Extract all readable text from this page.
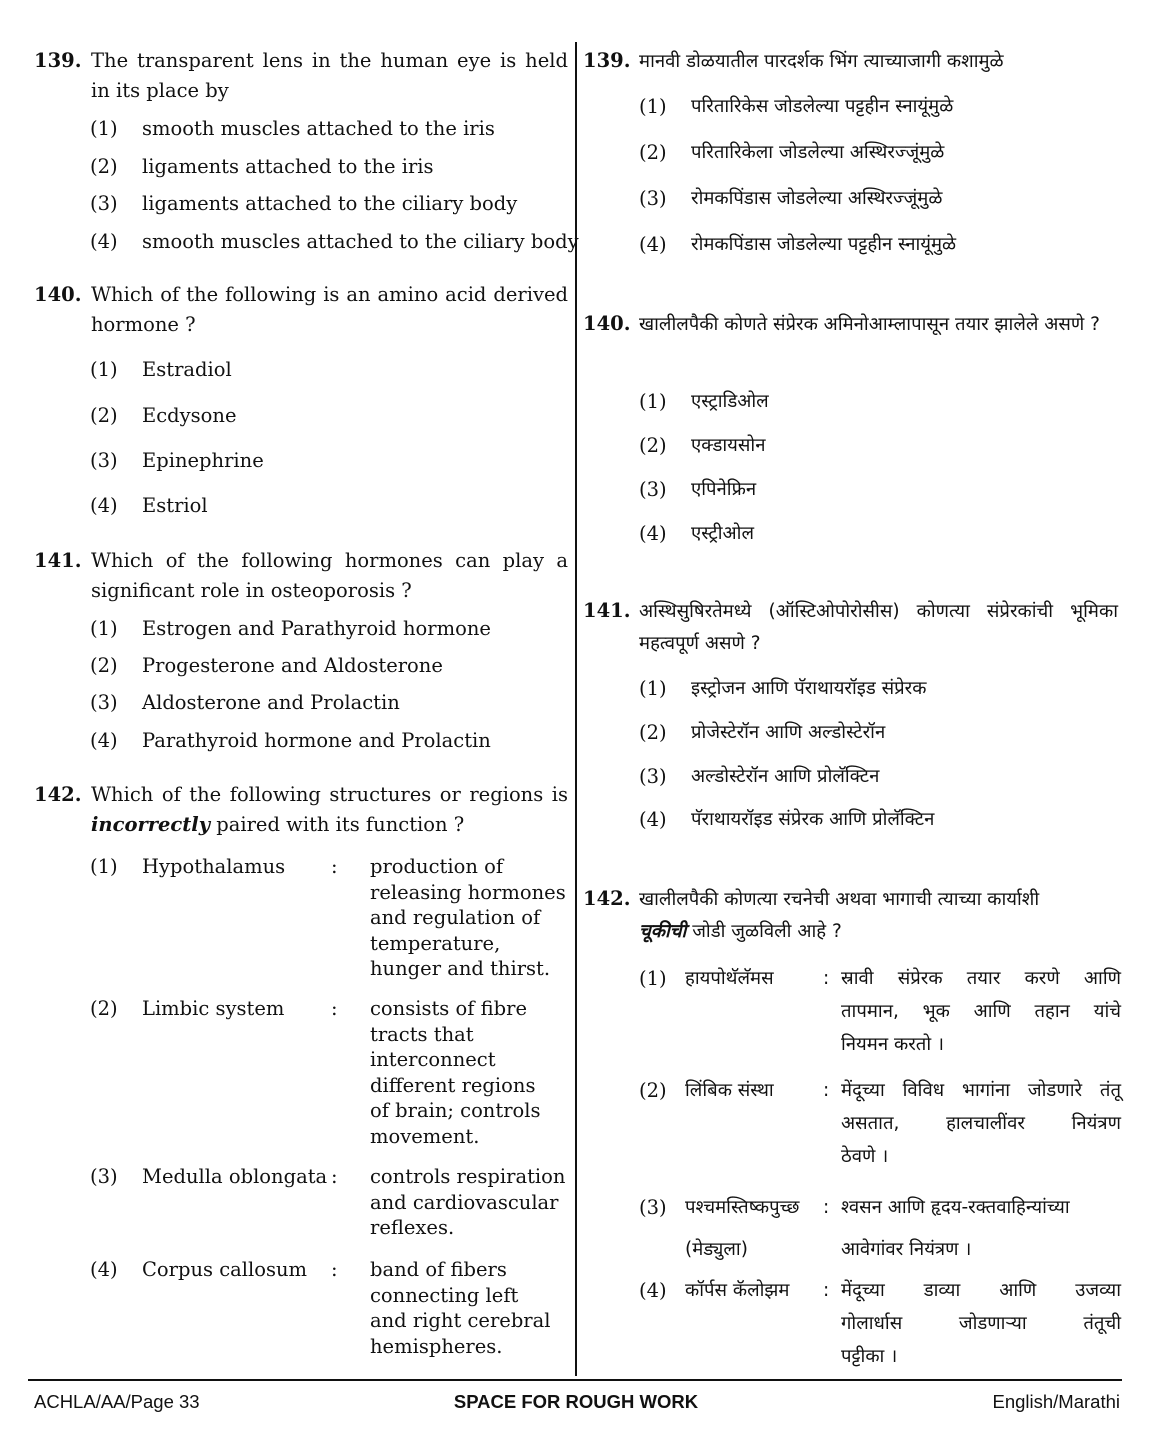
139. The transparent lens in the human eye is held in its place by
(1) smooth muscles attached to the iris
(2) ligaments attached to the iris
(3) ligaments attached to the ciliary body
(4) smooth muscles attached to the ciliary body
140. Which of the following is an amino acid derived hormone ?
(1) Estradiol
(2) Ecdysone
(3) Epinephrine
(4) Estriol
141. Which of the following hormones can play a significant role in osteoporosis ?
(1) Estrogen and Parathyroid hormone
(2) Progesterone and Aldosterone
(3) Aldosterone and Prolactin
(4) Parathyroid hormone and Prolactin
142. Which of the following structures or regions is incorrectly paired with its function ?
(1) Hypothalamus : production of releasing hormones and regulation of temperature, hunger and thirst.
(2) Limbic system : consists of fibre tracts that interconnect different regions of brain; controls movement.
(3) Medulla oblongata : controls respiration and cardiovascular reflexes.
(4) Corpus callosum : band of fibers connecting left and right cerebral hemispheres.
139. मानवी डोळयातील पारदर्शक भिंग त्याच्याजागी कशामुळे
(1) परितारिकेस जोडलेल्या पट्टहीन स्नायूंमुळे
(2) परितारिकेला जोडलेल्या अस्थिरज्जूंमुळे
(3) रोमकपिंडास जोडलेल्या अस्थिरज्जूंमुळे
(4) रोमकपिंडास जोडलेल्या पट्टहीन स्नायूंमुळे
140. खालीलपैकी कोणते संप्रेरक अमिनोआम्लापासून तयार झालेले असणे ?
(1) एस्ट्राडिओल
(2) एक्डायसोन
(3) एपिनेफ्रिन
(4) एस्ट्रीओल
141. अस्थिसुषिरतेमध्ये (ऑस्टिओपोरोसीस) कोणत्या संप्रेरकांची भूमिका महत्वपूर्ण असणे ?
(1) इस्ट्रोजन आणि पॅराथायरॉइड संप्रेरक
(2) प्रोजेस्टेरॉन आणि अल्डोस्टेरॉन
(3) अल्डोस्टेरॉन आणि प्रोलॅक्टिन
(4) पॅराथायरॉइड संप्रेरक आणि प्रोलॅक्टिन
142. खालीलपैकी कोणत्या रचनेची अथवा भागाची त्याच्या कार्याशी
चूकीची जोडी जुळविली आहे ?
(1) हायपोथॅलॅमस	: स्रावी संप्रेरक तयार करणे आणि
तापमान, भूक आणि तहान यांचे
नियमन करतो ।
(2) लिंबिक संस्था	: मेंदूच्या विविध भागांना जोडणारे तंतू
असतात, हालचालींवर नियंत्रण
ठेवणे ।
(3) पश्चमस्तिष्कपुच्छ
(मेड्युला)
: श्वसन आणि हृदय-रक्तवाहिन्यांच्या
आवेगांवर नियंत्रण ।
(4) कॉर्पस कॅलोझम	: मेंदूच्या डाव्या आणि उजव्या
गोलार्धास जोडणाऱ्या तंतूची
पट्टीका ।
ACHLA/AA/Page 33	SPACE FOR ROUGH WORK	English/Marathi
